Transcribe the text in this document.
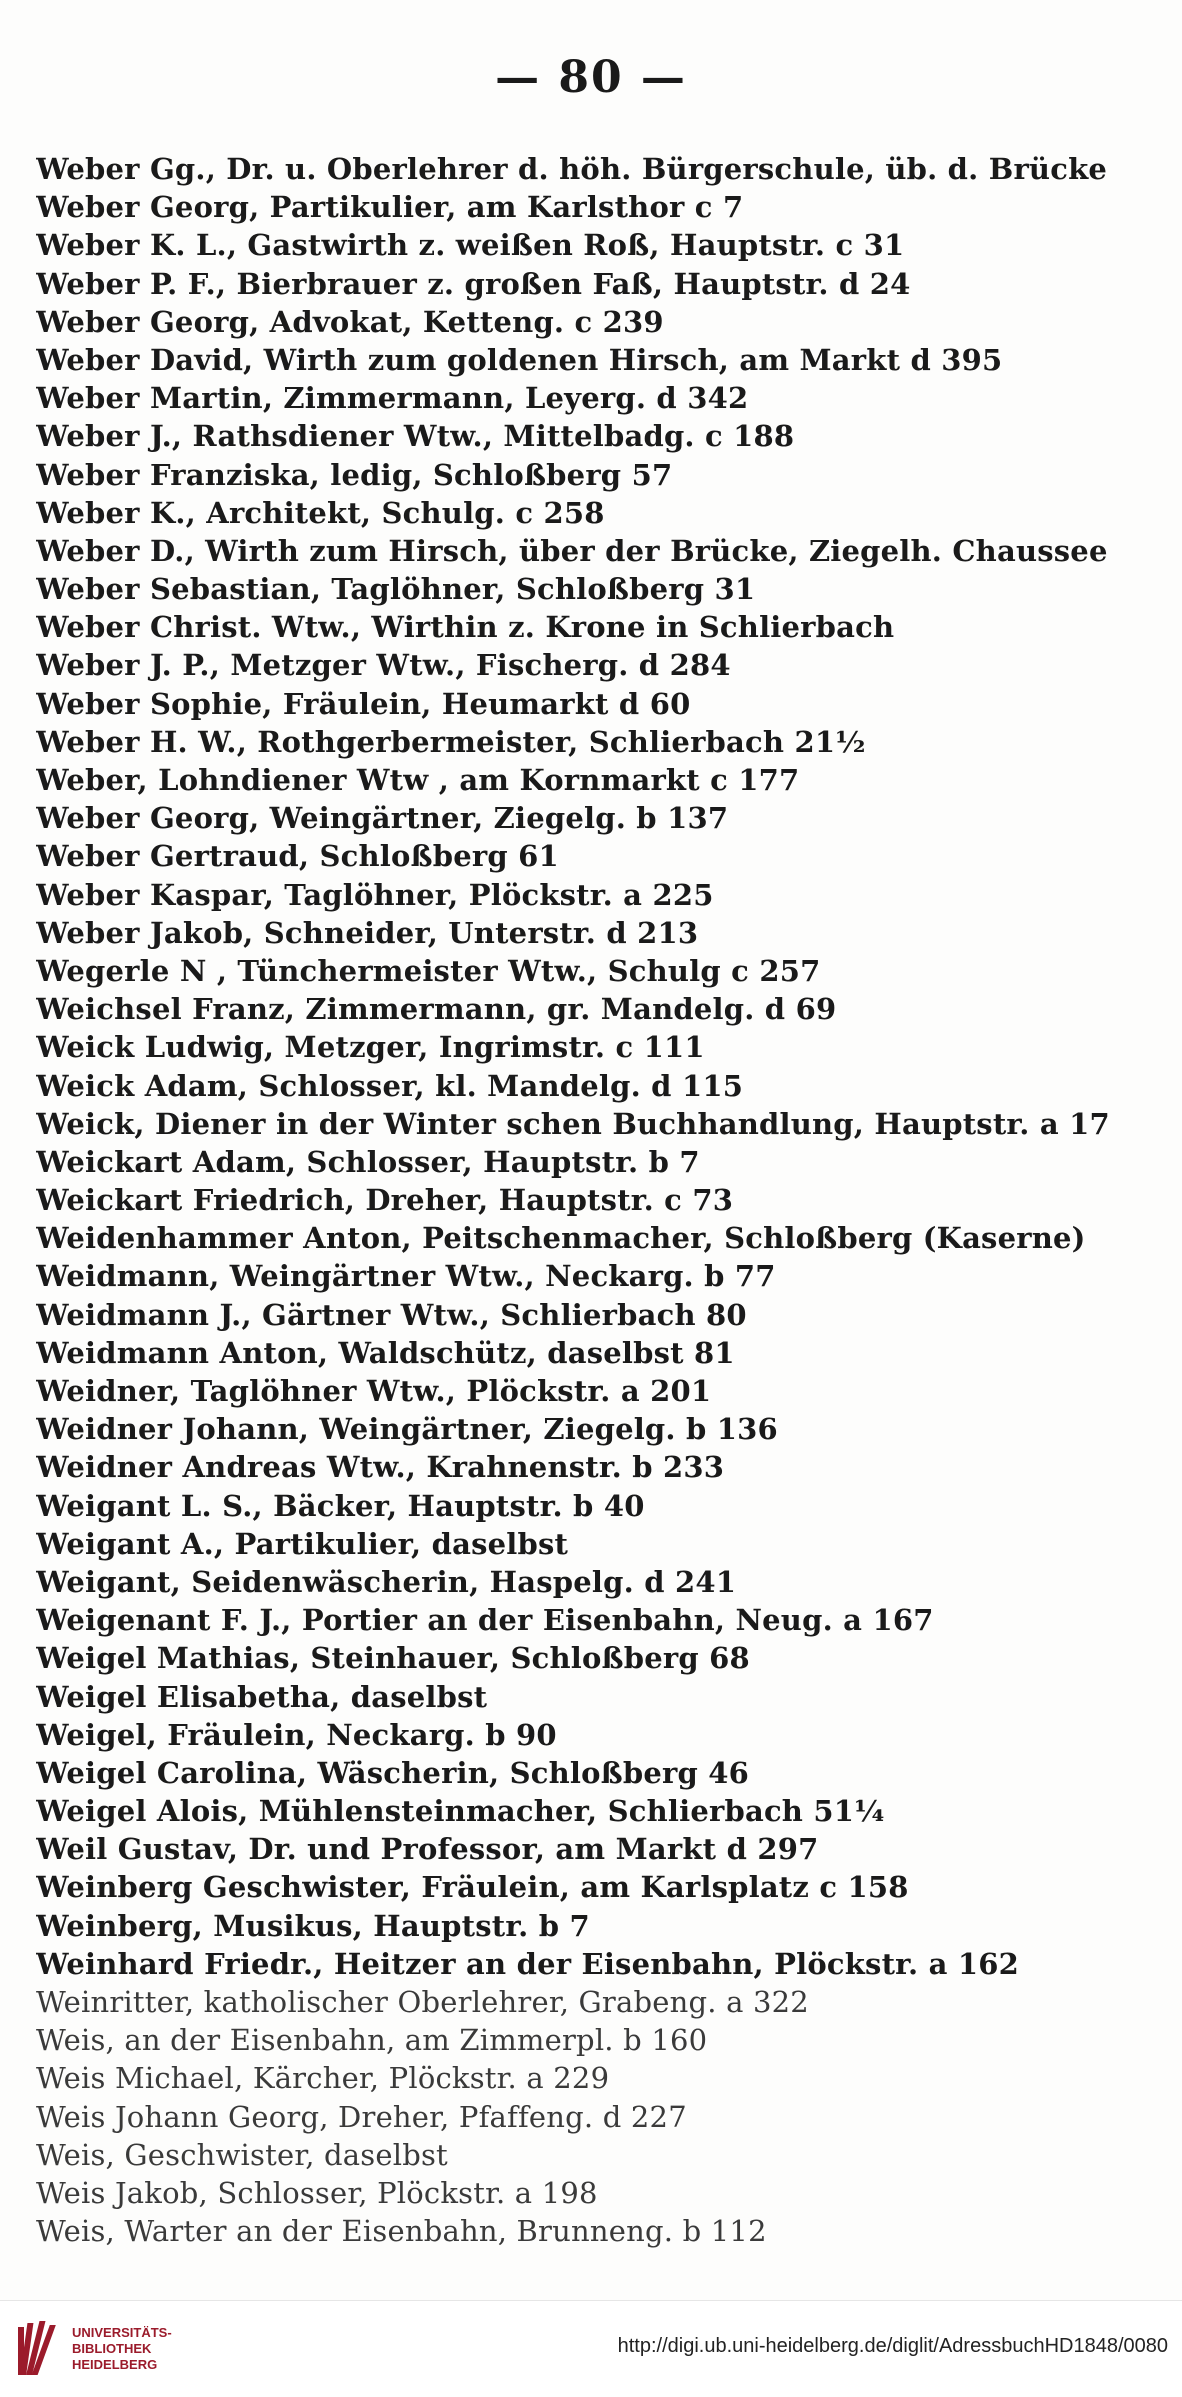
— 80 —
Weber Gg., Dr. u. Oberlehrer d. höh. Bürgerschule, üb. d. Brücke
Weber Georg, Partikulier, am Karlsthor c 7
Weber K. L., Gastwirth z. weißen Roß, Hauptstr. c 31
Weber P. F., Bierbrauer z. großen Faß, Hauptstr. d 24
Weber Georg, Advokat, Ketteng. c 239
Weber David, Wirth zum goldenen Hirsch, am Markt d 395
Weber Martin, Zimmermann, Leyerg. d 342
Weber J., Rathsdiener Wtw., Mittelbadg. c 188
Weber Franziska, ledig, Schloßberg 57
Weber K., Architekt, Schulg. c 258
Weber D., Wirth zum Hirsch, über der Brücke, Ziegelh. Chaussee
Weber Sebastian, Taglöhner, Schloßberg 31
Weber Christ. Wtw., Wirthin z. Krone in Schlierbach
Weber J. P., Metzger Wtw., Fischerg. d 284
Weber Sophie, Fräulein, Heumarkt d 60
Weber H. W., Rothgerbermeister, Schlierbach 21½
Weber, Lohndiener Wtw , am Kornmarkt c 177
Weber Georg, Weingärtner, Ziegelg. b 137
Weber Gertraud, Schloßberg 61
Weber Kaspar, Taglöhner, Plöckstr. a 225
Weber Jakob, Schneider, Unterstr. d 213
Wegerle N , Tünchermeister Wtw., Schulg c 257
Weichsel Franz, Zimmermann, gr. Mandelg. d 69
Weick Ludwig, Metzger, Ingrimstr. c 111
Weick Adam, Schlosser, kl. Mandelg. d 115
Weick, Diener in der Winter schen Buchhandlung, Hauptstr. a 17
Weickart Adam, Schlosser, Hauptstr. b 7
Weickart Friedrich, Dreher, Hauptstr. c 73
Weidenhammer Anton, Peitschenmacher, Schloßberg (Kaserne)
Weidmann, Weingärtner Wtw., Neckarg. b 77
Weidmann J., Gärtner Wtw., Schlierbach 80
Weidmann Anton, Waldschütz, daselbst 81
Weidner, Taglöhner Wtw., Plöckstr. a 201
Weidner Johann, Weingärtner, Ziegelg. b 136
Weidner Andreas Wtw., Krahnenstr. b 233
Weigant L. S., Bäcker, Hauptstr. b 40
Weigant A., Partikulier, daselbst
Weigant, Seidenwäscherin, Haspelg. d 241
Weigenant F. J., Portier an der Eisenbahn, Neug. a 167
Weigel Mathias, Steinhauer, Schloßberg 68
Weigel Elisabetha, daselbst
Weigel, Fräulein, Neckarg. b 90
Weigel Carolina, Wäscherin, Schloßberg 46
Weigel Alois, Mühlensteinmacher, Schlierbach 51¼
Weil Gustav, Dr. und Professor, am Markt d 297
Weinberg Geschwister, Fräulein, am Karlsplatz c 158
Weinberg, Musikus, Hauptstr. b 7
Weinhard Friedr., Heitzer an der Eisenbahn, Plöckstr. a 162
Weinritter, katholischer Oberlehrer, Grabeng. a 322
Weis, an der Eisenbahn, am Zimmerpl. b 160
Weis Michael, Kärcher, Plöckstr. a 229
Weis Johann Georg, Dreher, Pfaffeng. d 227
Weis, Geschwister, daselbst
Weis Jakob, Schlosser, Plöckstr. a 198
Weis, Warter an der Eisenbahn, Brunneng. b 112
UNIVERSITÄTS-
BIBLIOTHEK
HEIDELBERG
http://digi.ub.uni-heidelberg.de/diglit/AdressbuchHD1848/0080
